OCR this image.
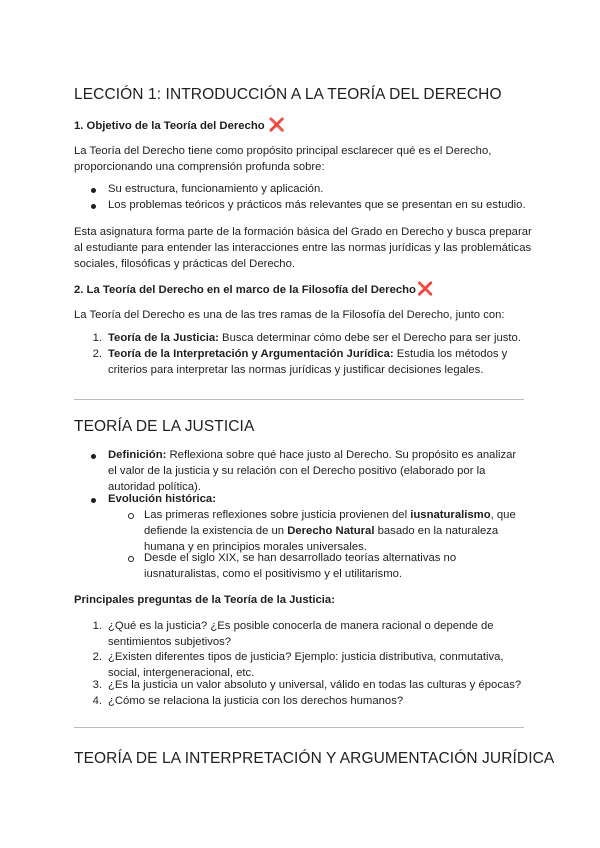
LECCIÓN 1: INTRODUCCIÓN A LA TEORÍA DEL DERECHO
1. Objetivo de la Teoría del Derecho ❌

La Teoría del Derecho tiene como propósito principal esclarecer qué es el Derecho, proporcionando una comprensión profunda sobre:

Su estructura, funcionamiento y aplicación.

Los problemas teóricos y prácticos más relevantes que se presentan en su estudio.

Esta asignatura forma parte de la formación básica del Grado en Derecho y busca preparar al estudiante para entender las interacciones entre las normas jurídicas y las problemáticas sociales, filosóficas y prácticas del Derecho.

2. La Teoría del Derecho en el marco de la Filosofía del Derecho❌

La Teoría del Derecho es una de las tres ramas de la Filosofía del Derecho, junto con:

1. Teoría de la Justicia: Busca determinar cómo debe ser el Derecho para ser justo.

2. Teoría de la Interpretación y Argumentación Jurídica: Estudia los métodos y criterios para interpretar las normas jurídicas y justificar decisiones legales.

TEORÍA DE LA JUSTICIA

Definición: Reflexiona sobre qué hace justo al Derecho. Su propósito es analizar el valor de la justicia y su relación con el Derecho positivo (elaborado por la autoridad política).

Evolución histórica:

Las primeras reflexiones sobre justicia provienen del iusnaturalismo, que defiende la existencia de un Derecho Natural basado en la naturaleza humana y en principios morales universales.

Desde el siglo XIX, se han desarrollado teorías alternativas no iusnaturalistas, como el positivismo y el utilitarismo.

Principales preguntas de la Teoría de la Justicia:
1. ¿Qué es la justicia? ¿Es posible conocerla de manera racional o depende de sentimientos subjetivos?

2. ¿Existen diferentes tipos de justicia? Ejemplo: justicia distributiva, conmutativa, social, intergeneracional, etc.

3. ¿Es la justicia un valor absoluto y universal, válido en todas las culturas y épocas?

4. ¿Cómo se relaciona la justicia con los derechos humanos?

TEORÍA DE LA INTERPRETACIÓN Y ARGUMENTACIÓN JURÍDICA
